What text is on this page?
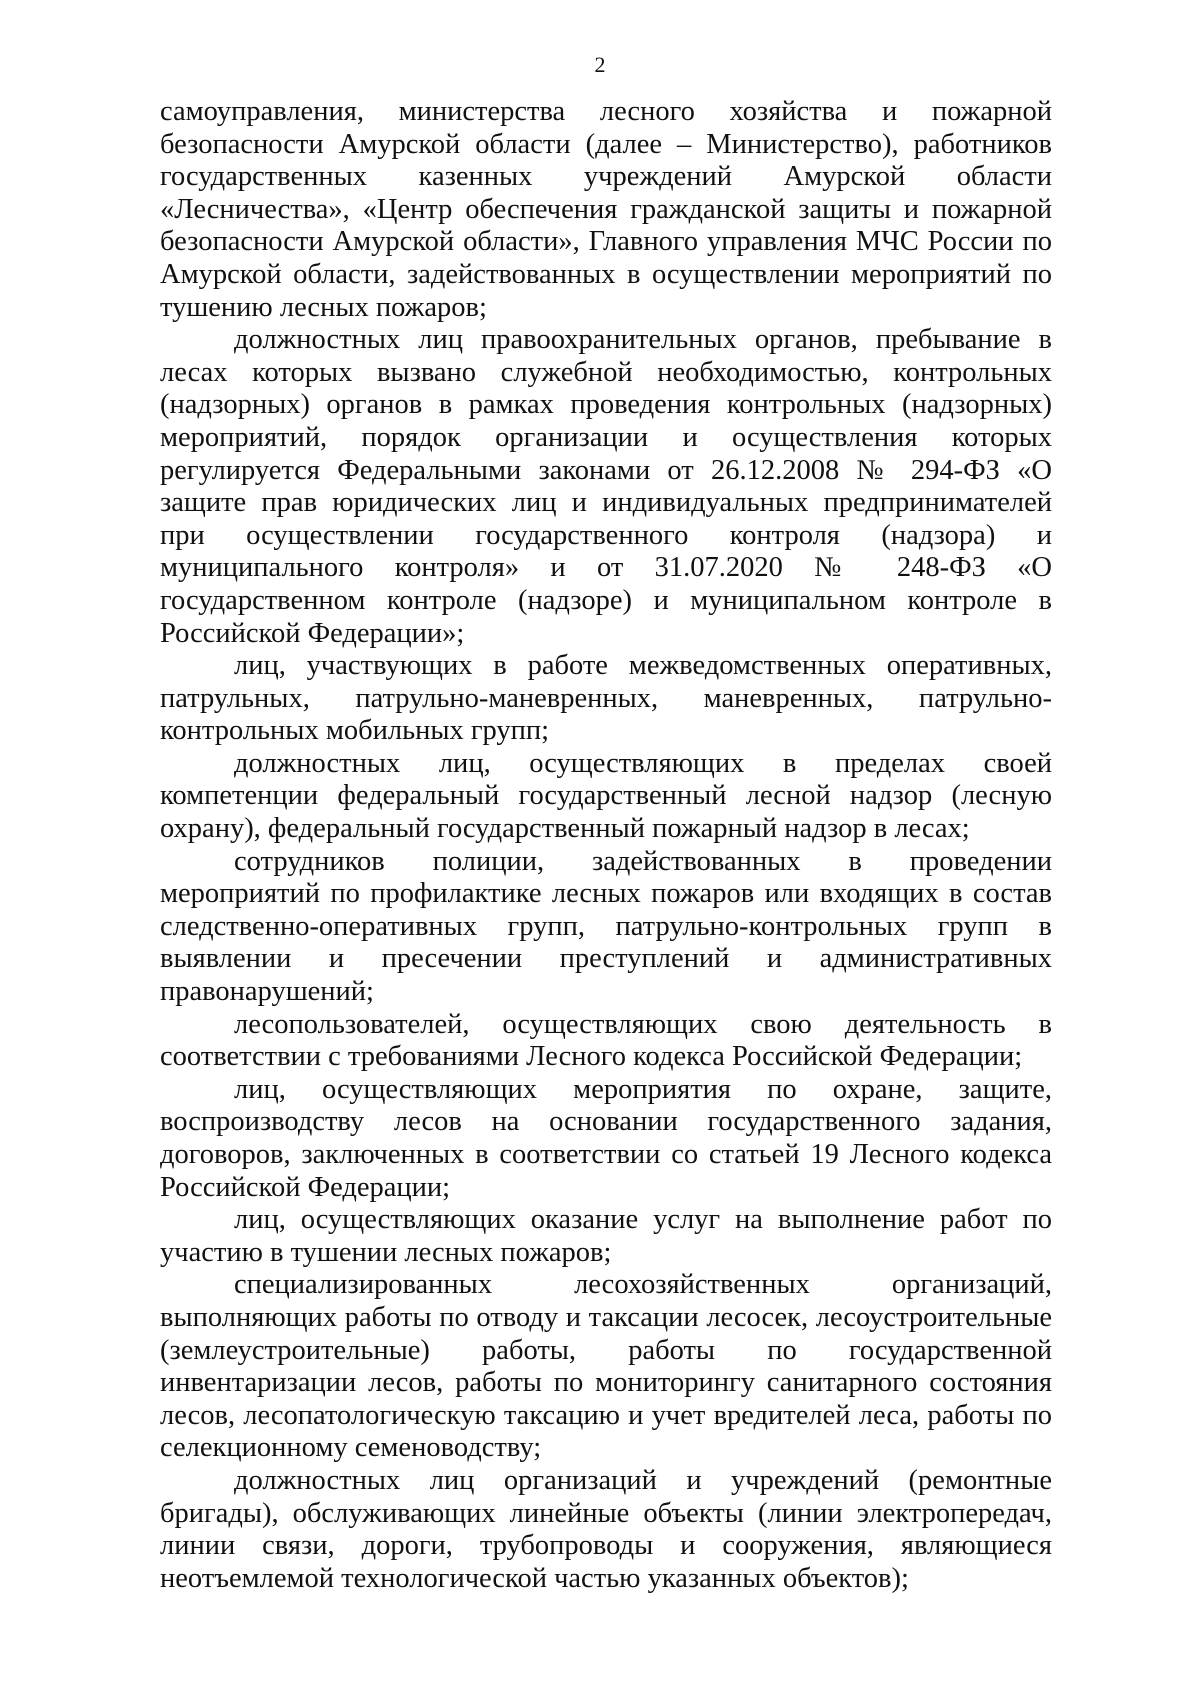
2

самоуправления, министерства лесного хозяйства и пожарной безопасности Амурской области (далее – Министерство), работников государственных казенных учреждений Амурской области «Лесничества», «Центр обеспечения гражданской защиты и пожарной безопасности Амурской области», Главного управления МЧС России по Амурской области, задействованных в осуществлении мероприятий по тушению лесных пожаров;

должностных лиц правоохранительных органов, пребывание в лесах которых вызвано служебной необходимостью, контрольных (надзорных) органов в рамках проведения контрольных (надзорных) мероприятий, порядок организации и осуществления которых регулируется Федеральными законами от 26.12.2008 № 294-ФЗ «О защите прав юридических лиц и индивидуальных предпринимателей при осуществлении государственного контроля (надзора) и муниципального контроля» и от 31.07.2020 № 248-ФЗ «О государственном контроле (надзоре) и муниципальном контроле в Российской Федерации»;

лиц, участвующих в работе межведомственных оперативных, патрульных, патрульно-маневренных, маневренных, патрульно-контрольных мобильных групп;

должностных лиц, осуществляющих в пределах своей компетенции федеральный государственный лесной надзор (лесную охрану), федеральный государственный пожарный надзор в лесах;

сотрудников полиции, задействованных в проведении мероприятий по профилактике лесных пожаров или входящих в состав следственно-оперативных групп, патрульно-контрольных групп в выявлении и пресечении преступлений и административных правонарушений;

лесопользователей, осуществляющих свою деятельность в соответствии с требованиями Лесного кодекса Российской Федерации;

лиц, осуществляющих мероприятия по охране, защите, воспроизводству лесов на основании государственного задания, договоров, заключенных в соответствии со статьей 19 Лесного кодекса Российской Федерации;

лиц, осуществляющих оказание услуг на выполнение работ по участию в тушении лесных пожаров;

специализированных лесохозяйственных организаций, выполняющих работы по отводу и таксации лесосек, лесоустроительные (землеустроительные) работы, работы по государственной инвентаризации лесов, работы по мониторингу санитарного состояния лесов, лесопатологическую таксацию и учет вредителей леса, работы по селекционному семеноводству;

должностных лиц организаций и учреждений (ремонтные бригады), обслуживающих линейные объекты (линии электропередач, линии связи, дороги, трубопроводы и сооружения, являющиеся неотъемлемой технологической частью указанных объектов);
